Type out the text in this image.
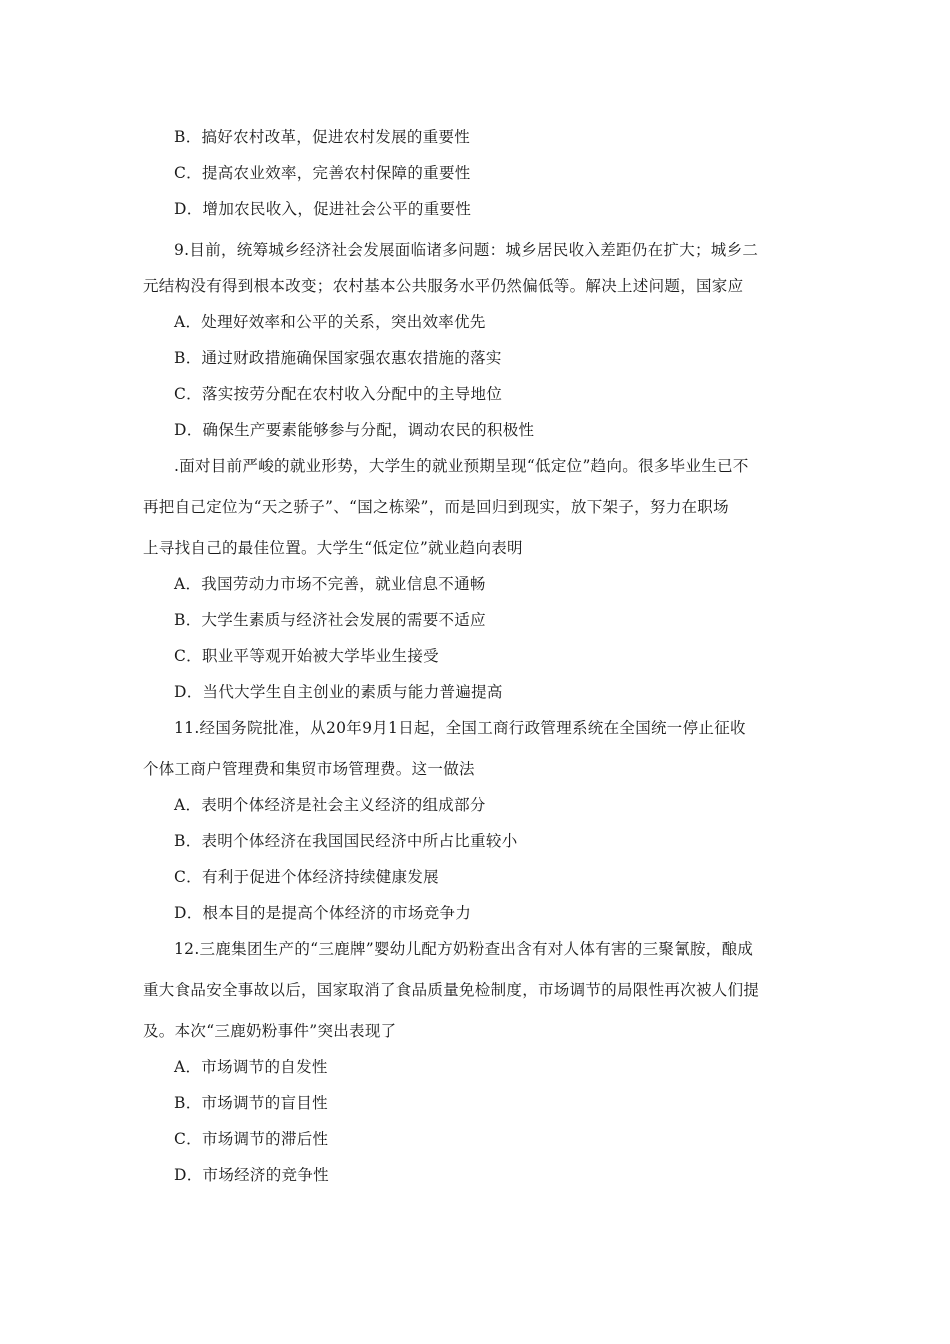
B．搞好农村改革，促进农村发展的重要性
C．提高农业效率，完善农村保障的重要性
D．增加农民收入，促进社会公平的重要性
9.目前，统筹城乡经济社会发展面临诸多问题：城乡居民收入差距仍在扩大；城乡二
元结构没有得到根本改变；农村基本公共服务水平仍然偏低等。解决上述问题，国家应
A．处理好效率和公平的关系，突出效率优先
B．通过财政措施确保国家强农惠农措施的落实
C．落实按劳分配在农村收入分配中的主导地位
D．确保生产要素能够参与分配，调动农民的积极性
.面对目前严峻的就业形势，大学生的就业预期呈现“低定位”趋向。很多毕业生已不
再把自己定位为“天之骄子”、“国之栋梁”，而是回归到现实，放下架子，努力在职场
上寻找自己的最佳位置。大学生“低定位”就业趋向表明
A．我国劳动力市场不完善，就业信息不通畅
B．大学生素质与经济社会发展的需要不适应
C．职业平等观开始被大学毕业生接受
D．当代大学生自主创业的素质与能力普遍提高
11.经国务院批准，从20年9月1日起，全国工商行政管理系统在全国统一停止征收
个体工商户管理费和集贸市场管理费。这一做法
A．表明个体经济是社会主义经济的组成部分
B．表明个体经济在我国国民经济中所占比重较小
C．有利于促进个体经济持续健康发展
D．根本目的是提高个体经济的市场竞争力
12.三鹿集团生产的“三鹿牌”婴幼儿配方奶粉查出含有对人体有害的三聚氰胺，酿成
重大食品安全事故以后，国家取消了食品质量免检制度，市场调节的局限性再次被人们提
及。本次“三鹿奶粉事件”突出表现了
A．市场调节的自发性
B．市场调节的盲目性
C．市场调节的滞后性
D．市场经济的竞争性
